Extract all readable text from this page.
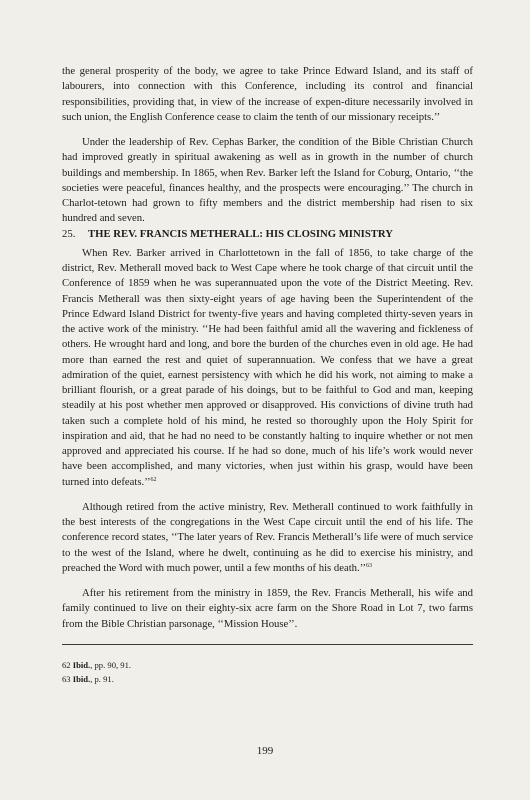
the general prosperity of the body, we agree to take Prince Edward Island, and its staff of labourers, into connection with this Conference, including its control and financial responsibilities, providing that, in view of the increase of expen-diture necessarily involved in such union, the English Conference cease to claim the tenth of our missionary receipts.’’

Under the leadership of Rev. Cephas Barker, the condition of the Bible Christian Church had improved greatly in spiritual awakening as well as in growth in the number of church buildings and membership. In 1865, when Rev. Barker left the Island for Coburg, Ontario, ‘‘the societies were peaceful, finances healthy, and the prospects were encouraging.’’ The church in Charlot-tetown had grown to fifty members and the district membership had risen to six hundred and seven.

25. THE REV. FRANCIS METHERALL: HIS CLOSING MINISTRY

When Rev. Barker arrived in Charlottetown in the fall of 1856, to take charge of the district, Rev. Metherall moved back to West Cape where he took charge of that circuit until the Conference of 1859 when he was superannuated upon the vote of the District Meeting. Rev. Francis Metherall was then sixty-eight years of age having been the Superintendent of the Prince Edward Island District for twenty-five years and having completed thirty-seven years in the active work of the ministry. ‘‘He had been faithful amid all the wavering and fickleness of others. He wrought hard and long, and bore the burden of the churches even in old age. He had more than earned the rest and quiet of superannuation. We confess that we have a great admiration of the quiet, earnest persistency with which he did his work, not aiming to make a brilliant flourish, or a great parade of his doings, but to be faithful to God and man, keeping steadily at his post whether men approved or disapproved. His convictions of divine truth had taken such a complete hold of his mind, he rested so thoroughly upon the Holy Spirit for inspiration and aid, that he had no need to be constantly halting to inquire whether or not men approved and appreciated his course. If he had so done, much of his life’s work would never have been accomplished, and many victories, when just within his grasp, would have been turned into defeats.’’$^{62}$

Although retired from the active ministry, Rev. Metherall continued to work faithfully in the best interests of the congregations in the West Cape circuit until the end of his life. The conference record states, ‘‘The later years of Rev. Francis Metherall’s life were of much service to the west of the Island, where he dwelt, continuing as he did to exercise his ministry, and preached the Word with much power, until a few months of his death.’’$^{63}$

After his retirement from the ministry in 1859, the Rev. Francis Metherall, his wife and family continued to live on their eighty-six acre farm on the Shore Road in Lot 7, two farms from the Bible Christian parsonage, ‘‘Mission House’’.

62 Ibid., pp. 90, 91.
63 Ibid., p. 91.
199
